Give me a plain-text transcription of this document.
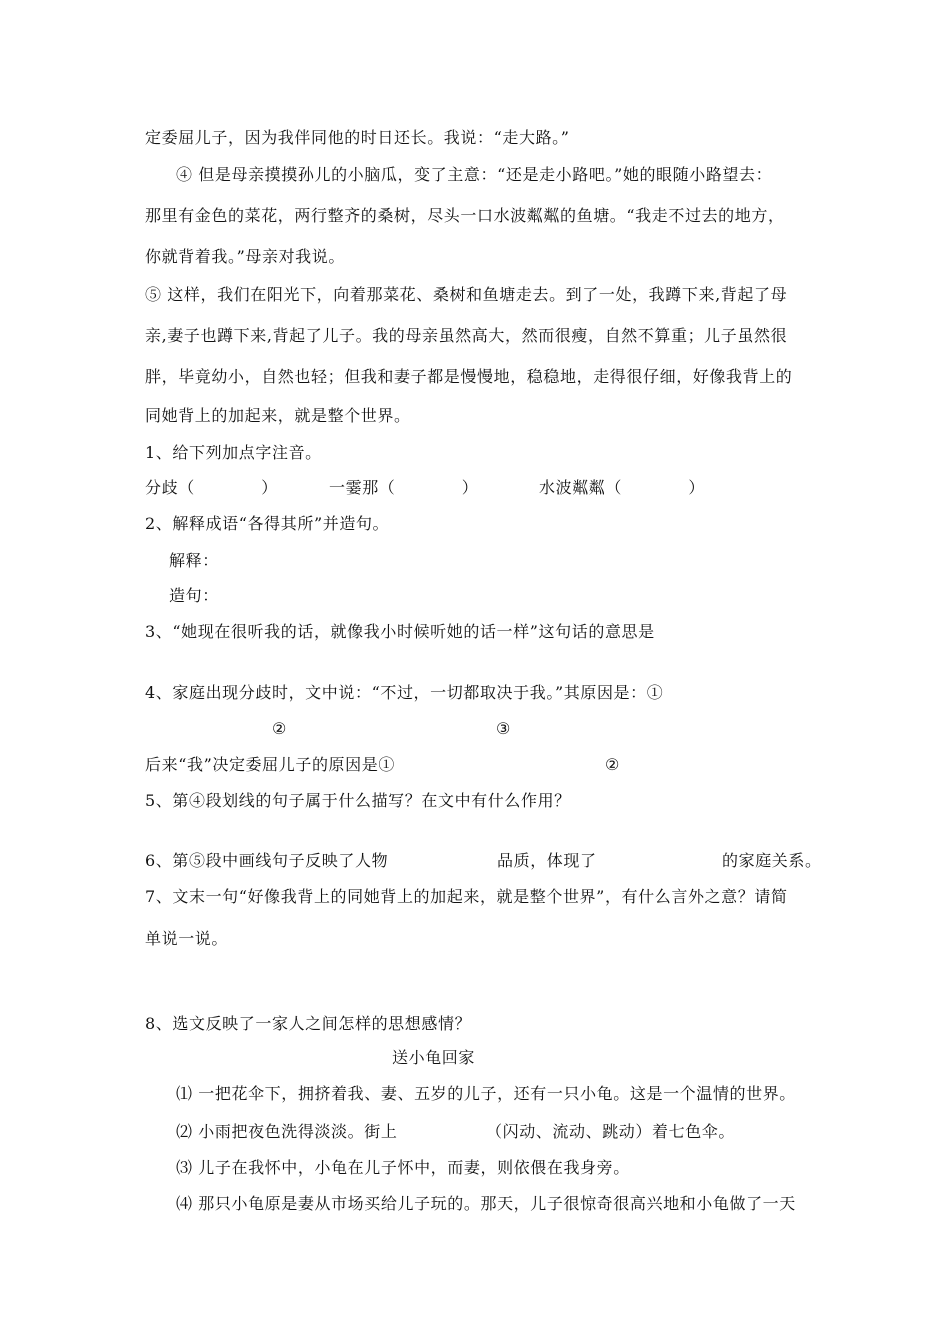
定委屈儿子，因为我伴同他的时日还长。我说：“走大路。”
④ 但是母亲摸摸孙儿的小脑瓜，变了主意：“还是走小路吧。”她的眼随小路望去：
那里有金色的菜花，两行整齐的桑树，尽头一口水波粼粼的鱼塘。“我走不过去的地方，
你就背着我。”母亲对我说。
⑤ 这样，我们在阳光下，向着那菜花、桑树和鱼塘走去。到了一处，我蹲下来,背起了母
亲,妻子也蹲下来,背起了儿子。我的母亲虽然高大，然而很瘦，自然不算重；儿子虽然很
胖，毕竟幼小，自然也轻；但我和妻子都是慢慢地，稳稳地，走得很仔细，好像我背上的
同她背上的加起来，就是整个世界。
1、给下列加点字注音。
分歧（　　　　）	一霎那（　　　　）	水波粼粼（　　　　）
2、解释成语“各得其所”并造句。
解释：
造句：
3、“她现在很听我的话，就像我小时候听她的话一样”这句话的意思是
4、家庭出现分歧时，文中说：“不过，一切都取决于我。”其原因是：①
②	③
后来“我”决定委屈儿子的原因是①	②
5、第④段划线的句子属于什么描写？在文中有什么作用？
6、第⑤段中画线句子反映了人物	品质，体现了	的家庭关系。
7、文末一句“好像我背上的同她背上的加起来，就是整个世界”，有什么言外之意？请简
单说一说。
8、选文反映了一家人之间怎样的思想感情？
送小龟回家
⑴ 一把花伞下，拥挤着我、妻、五岁的儿子，还有一只小龟。这是一个温情的世界。
⑵ 小雨把夜色洗得淡淡。街上	（闪动、流动、跳动）着七色伞。
⑶ 儿子在我怀中，小龟在儿子怀中，而妻，则依偎在我身旁。
⑷ 那只小龟原是妻从市场买给儿子玩的。那天，儿子很惊奇很高兴地和小龟做了一天
